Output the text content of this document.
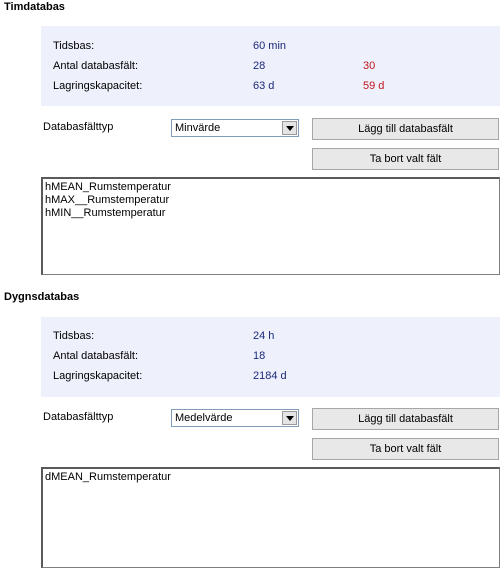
Timdatabas
Tidsbas:	60 min
Antal databasfält:	28	30
Lagringskapacitet:	63 d	59 d
Databasfälttyp	Minvärde	Lägg till databasfält
Ta bort valt fält
hMEAN_Rumstemperatur
hMAX__Rumstemperatur
hMIN__Rumstemperatur
Dygnsdatabas
Tidsbas:	24 h
Antal databasfält:	18
Lagringskapacitet:	2184 d
Databasfälttyp	Medelvärde	Lägg till databasfält
Ta bort valt fält
dMEAN_Rumstemperatur
